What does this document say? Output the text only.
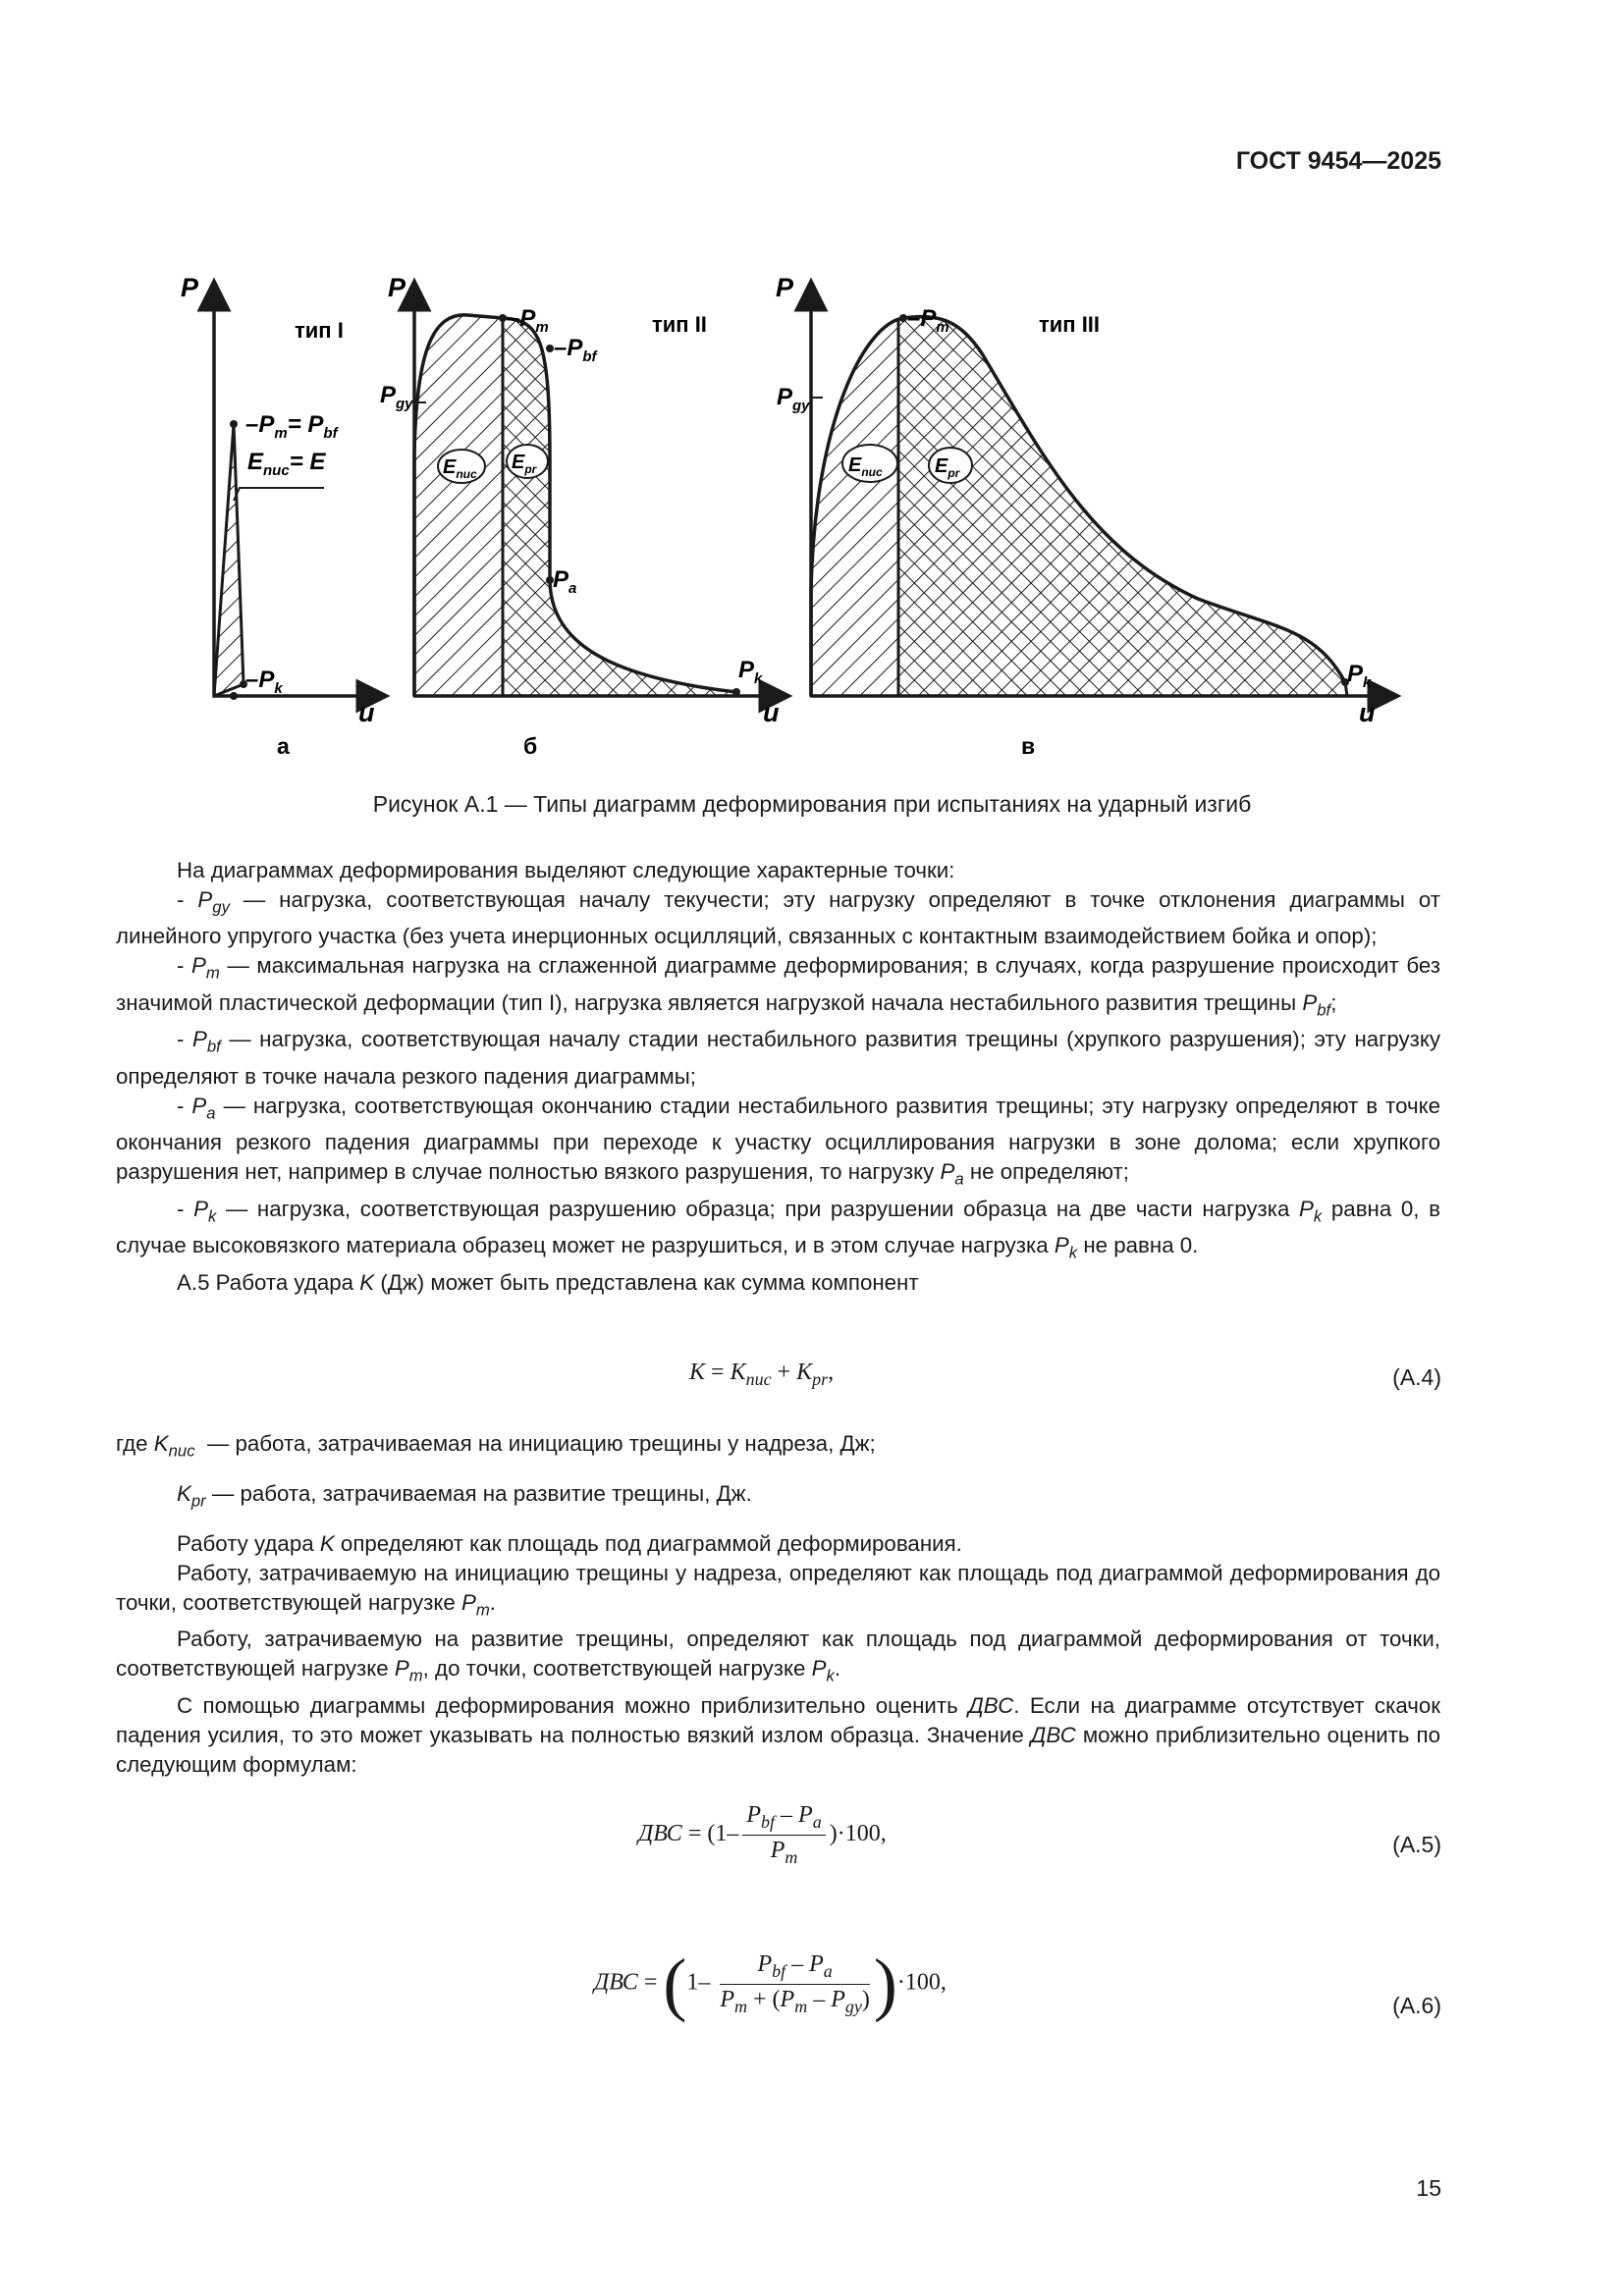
ГОСТ 9454—2025
P
u
тип I
а
$-P_m= P_{bf}$
$E_{nuc}= E$
$-P_k$
P
u
тип II
б
$-P_m$
$-P_{bf}$
$P_{gy}$
$P_a$
$P_k$
$E_{nuc}$
$E_{pr}$
P
u
тип III
в
$-P_m$
$P_{gy}$
$P_k$
$E_{nuc}$	$E_{pr}$
Рисунок А.1 — Типы диаграмм деформирования при испытаниях на ударный изгиб

На диаграммах деформирования выделяют следующие характерные точки:

- $P_{gy}$ — нагрузка, соответствующая началу текучести; эту нагрузку определяют в точке отклонения диаграммы от линейного упругого участка (без учета инерционных осцилляций, связанных с контактным взаимодействием бойка и опор);

- $P_m$ — максимальная нагрузка на сглаженной диаграмме деформирования; в случаях, когда разрушение происходит без значимой пластической деформации (тип I), нагрузка является нагрузкой начала нестабильного развития трещины $P_{bf}$;

- $P_{bf}$ — нагрузка, соответствующая началу стадии нестабильного развития трещины (хрупкого разрушения); эту нагрузку определяют в точке начала резкого падения диаграммы;

- $P_a$ — нагрузка, соответствующая окончанию стадии нестабильного развития трещины; эту нагрузку определяют в точке окончания резкого падения диаграммы при переходе к участку осциллирования нагрузки в зоне долома; если хрупкого разрушения нет, например в случае полностью вязкого разрушения, то нагрузку $P_a$ не определяют;

- $P_k$ — нагрузка, соответствующая разрушению образца; при разрушении образца на две части нагрузка $P_k$ равна 0, в случае высоковязкого материала образец может не разрушиться, и в этом случае нагрузка $P_k$ не равна 0.

А.5 Работа удара K (Дж) может быть представлена как сумма компонент

$K = K_{nuc} + K_{pr}$,	(А.4)

где $K_{nuc}$ — работа, затрачиваемая на инициацию трещины у надреза, Дж;

$K_{pr}$ — работа, затрачиваемая на развитие трещины, Дж.

Работу удара K определяют как площадь под диаграммой деформирования.

Работу, затрачиваемую на инициацию трещины у надреза, определяют как площадь под диаграммой деформирования до точки, соответствующей нагрузке $P_m$.

Работу, затрачиваемую на развитие трещины, определяют как площадь под диаграммой деформирования от точки, соответствующей нагрузке $P_m$, до точки, соответствующей нагрузке $P_k$.

С помощью диаграммы деформирования можно приблизительно оценить ДВС. Если на диаграмме отсутствует скачок падения усилия, то это может указывать на полностью вязкий излом образца. Значение ДВС можно приблизительно оценить по следующим формулам:

ДВС = $(1- \frac{P_{bf} - P_a}{P_m} )\cdot 100$,	(А.5)
ДВС = $(1- \frac{P_{bf} - P_a}{P_m + (P_m - P_{gy})} )\cdot 100$,
(А.6)
15
